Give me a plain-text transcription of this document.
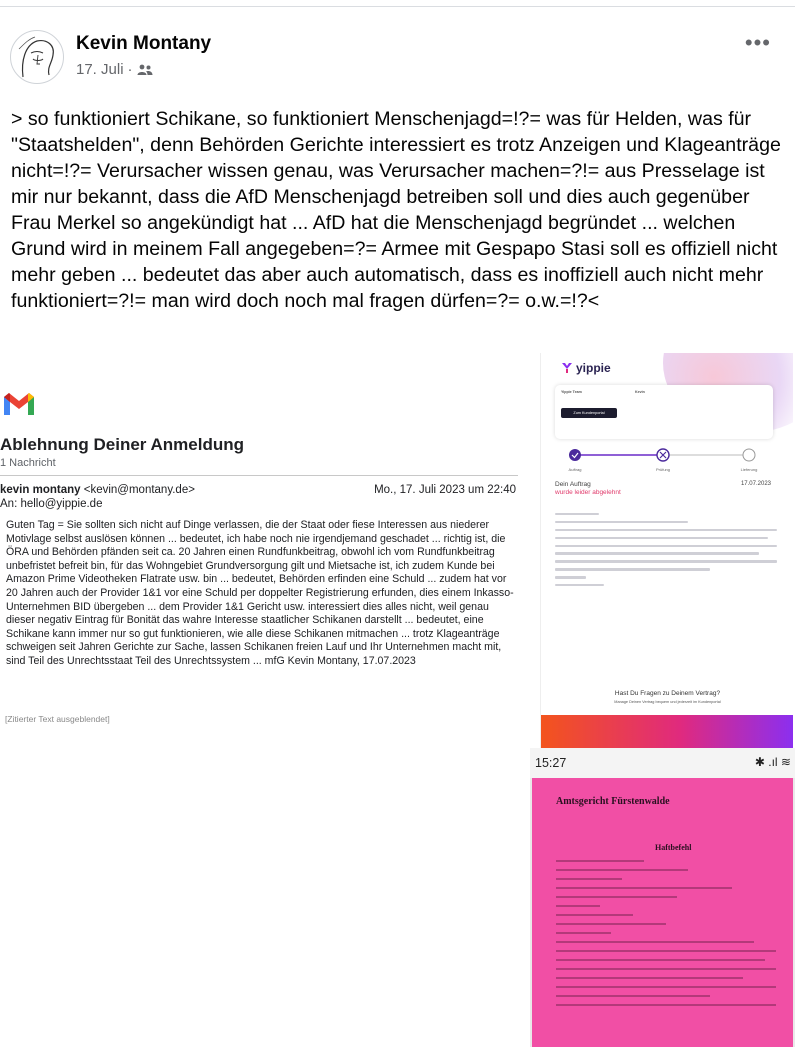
Kevin Montany
17. Juli ·
•••
> so funktioniert Schikane, so funktioniert Menschenjagd=!?= was für Helden, was für "Staatshelden", denn Behörden Gerichte interessiert es trotz Anzeigen und Klageanträge nicht=!?= Verursacher wissen genau, was Verursacher machen=?!= aus Presselage ist mir nur bekannt, dass die AfD Menschenjagd betreiben soll und dies auch gegenüber Frau Merkel so angekündigt hat ... AfD hat die Menschenjagd begründet ... welchen Grund wird in meinem Fall angegeben=?= Armee mit Gespapo Stasi soll es offiziell nicht mehr geben ... bedeutet das aber auch automatisch, dass es inoffiziell auch nicht mehr funktioniert=?!= man wird doch noch mal fragen dürfen=?= o.w.=!?<
Ablehnung Deiner Anmeldung
1 Nachricht
kevin montany <kevin@montany.de>
An: hello@yippie.de
Mo., 17. Juli 2023 um 22:40
Guten Tag = Sie sollten sich nicht auf Dinge verlassen, die der Staat oder fiese Interessen aus niederer Motivlage selbst auslösen können ... bedeutet, ich habe noch nie irgendjemand geschadet ... richtig ist, die ÖRA und Behörden pfänden seit ca. 20 Jahren einen Rundfunkbeitrag, obwohl ich vom Rundfunkbeitrag unbefristet befreit bin, für das Wohngebiet Grundversorgung gilt und Mietsache ist, ich zudem Kunde bei Amazon Prime Videotheken Flatrate usw. bin ... bedeutet, Behörden erfinden eine Schuld ... zudem hat vor 20 Jahren auch der Provider 1&1 vor eine Schuld per doppelter Registrierung erfunden, dies einem Inkasso-Unternehmen BID übergeben ... dem Provider 1&1 Gericht usw. interessiert dies alles nicht, weil genau dieser negativ Eintrag für Bonität das wahre Interesse staatlicher Schikanen darstellt ... bedeutet, eine Schikane kann immer nur so gut funktionieren, wie alle diese Schikanen mitmachen ... trotz Klageanträge schweigen seit Jahren Gerichte zur Sache, lassen Schikanen freien Lauf und Ihr Unternehmen macht mit, sind Teil des Unrechtsstaat Teil des Unrechtssystem ... mfG Kevin Montany, 17.07.2023
[Zitierter Text ausgeblendet]
yippie
Yippie Team	Kevin
Zum Kundenportal
Auftrag	Prüfung	Lieferung
Dein Auftrag
wurde leider abgelehnt
17.07.2023
Hast Du Fragen zu Deinem Vertrag?
Manage Deinen Vertrag bequem und jederzeit im Kundenportal
15:27	✱ .ıl ≋
Amtsgericht Fürstenwalde
Haftbefehl
